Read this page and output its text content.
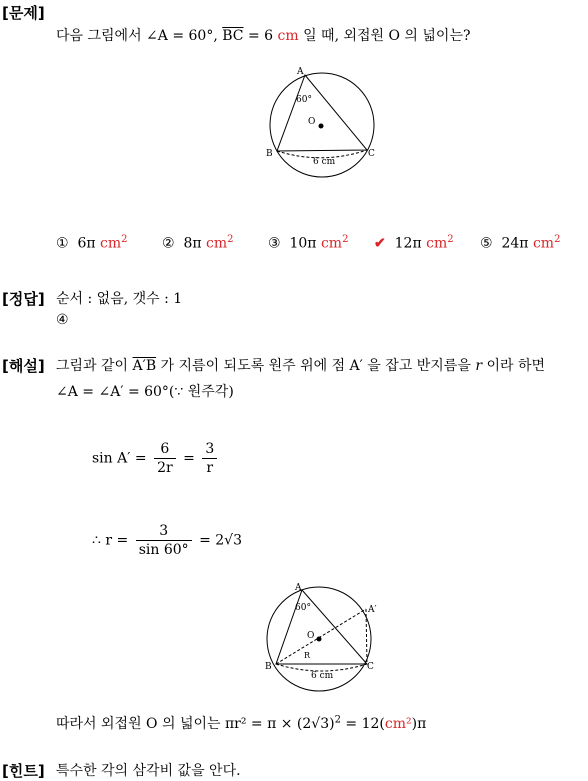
[문제]
다음 그림에서 ∠A = 60°, $\overline{BC} = 6$ cm 일 때, 외접원 O 의 넓이는?
A
60°
O
B	C
6 cm
① 6π $cm^2$ ② 8π $cm^2$ ③ 10π $cm^2$ ✔ 12π $cm^2$ ⑤ 24π $cm^2$
[정답] 순서 : 없음, 갯수 : 1
④
[해설] 그림과 같이 A′B 가 지름이 되도록 원주 위에 점 A′ 을 잡고 반지름을 r 이라 하면
∠A = ∠A′ = 60°(∵ 원주각)
$\sin A' = \frac{6}{2r} = \frac{3}{r}$
∴ $r = \frac{3}{\sin 60^\circ} = 2√3$
A
60°	A′
O
R
B	C
6 cm
따라서 외접원 O 의 넓이는 $\pi r^2 = \pi \times (2√3)^2 = 12(cm^2)\pi$
[힌트] 특수한 각의 삼각비 값을 안다.
